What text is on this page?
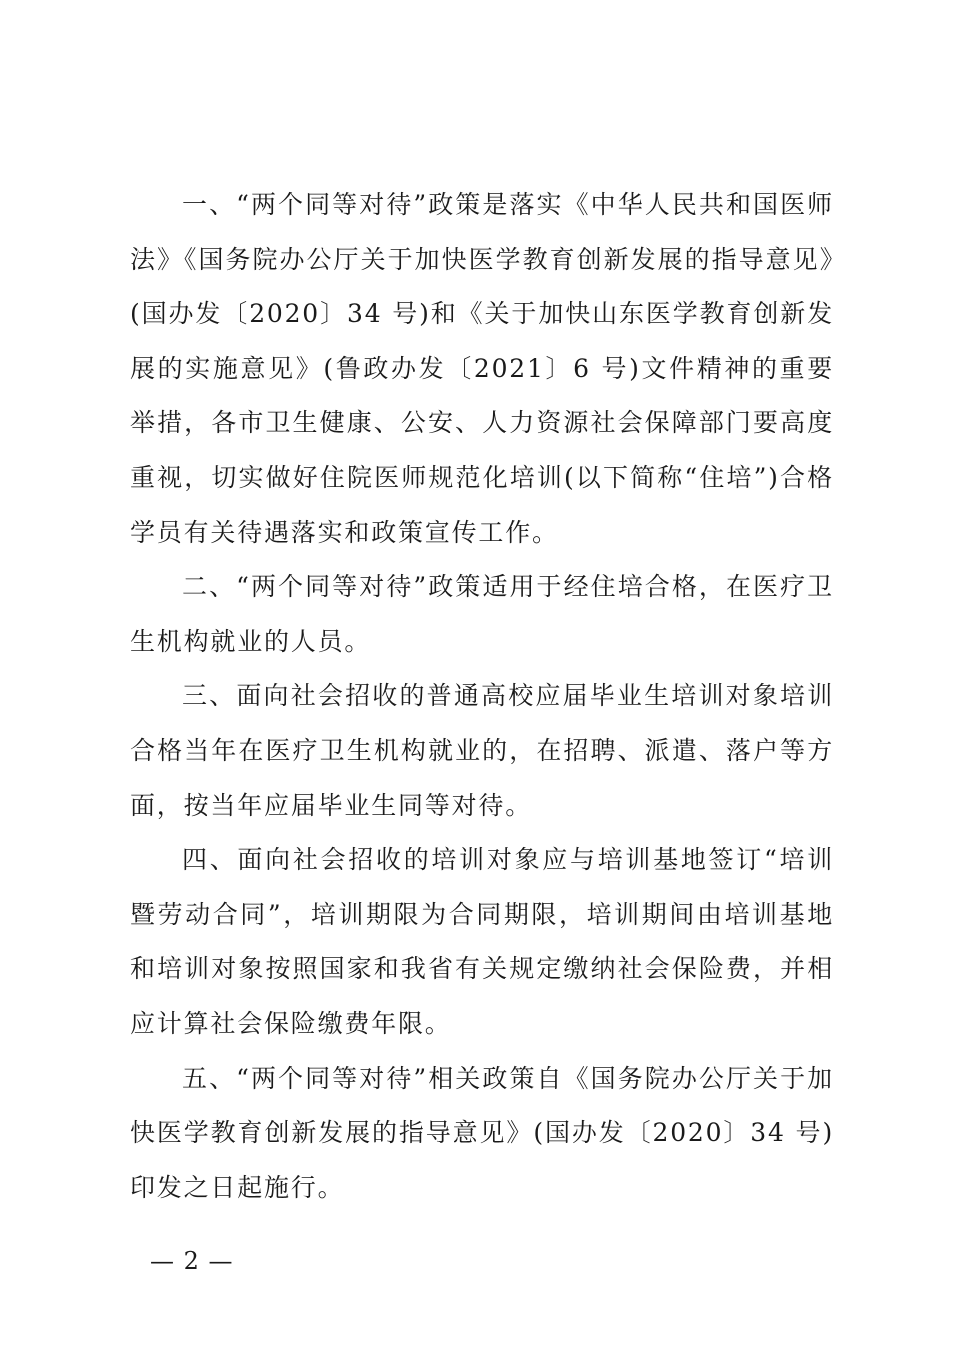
一、“两个同等对待”政策是落实《中华人民共和国医师法》《国务院办公厅关于加快医学教育创新发展的指导意见》(国办发〔2020〕34 号)和《关于加快山东医学教育创新发展的实施意见》(鲁政办发〔2021〕6 号)文件精神的重要举措，各市卫生健康、公安、人力资源社会保障部门要高度重视，切实做好住院医师规范化培训(以下简称“住培”)合格学员有关待遇落实和政策宣传工作。

二、“两个同等对待”政策适用于经住培合格，在医疗卫生机构就业的人员。

三、面向社会招收的普通高校应届毕业生培训对象培训合格当年在医疗卫生机构就业的，在招聘、派遣、落户等方面，按当年应届毕业生同等对待。

四、面向社会招收的培训对象应与培训基地签订“培训暨劳动合同”，培训期限为合同期限，培训期间由培训基地和培训对象按照国家和我省有关规定缴纳社会保险费，并相应计算社会保险缴费年限。

五、“两个同等对待”相关政策自《国务院办公厅关于加快医学教育创新发展的指导意见》(国办发〔2020〕34 号)印发之日起施行。

— 2 —
